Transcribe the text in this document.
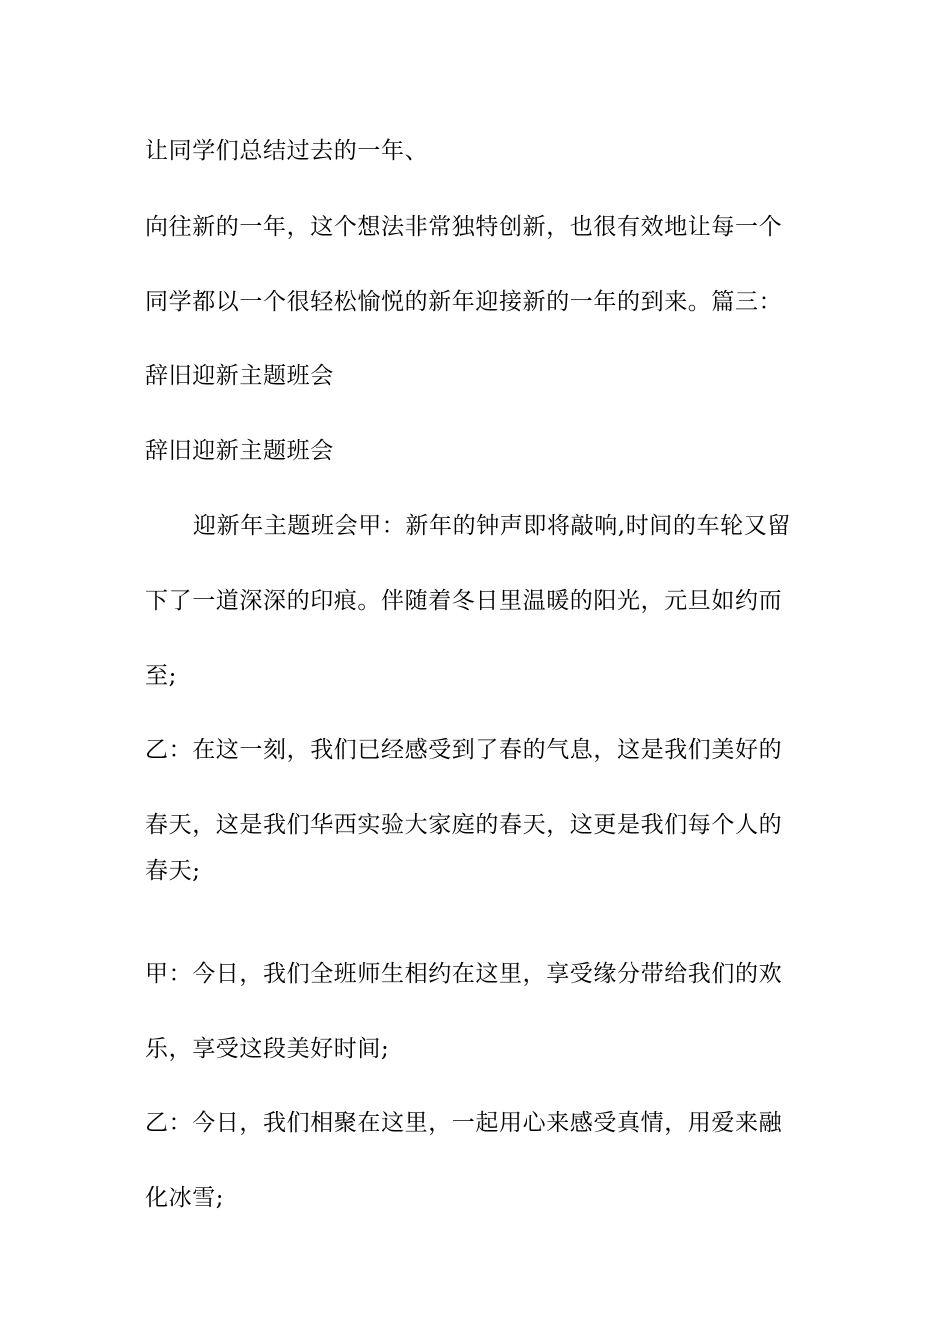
让同学们总结过去的一年、
向往新的一年，这个想法非常独特创新，也很有效地让每一个
同学都以一个很轻松愉悦的新年迎接新的一年的到来。篇三：
辞旧迎新主题班会
辞旧迎新主题班会
迎新年主题班会甲：新年的钟声即将敲响,时间的车轮又留
下了一道深深的印痕。伴随着冬日里温暖的阳光，元旦如约而
至;
乙：在这一刻，我们已经感受到了春的气息，这是我们美好的
春天，这是我们华西实验大家庭的春天，这更是我们每个人的
春天;
甲：今日，我们全班师生相约在这里，享受缘分带给我们的欢
乐，享受这段美好时间;
乙：今日，我们相聚在这里，一起用心来感受真情，用爱来融
化冰雪;
